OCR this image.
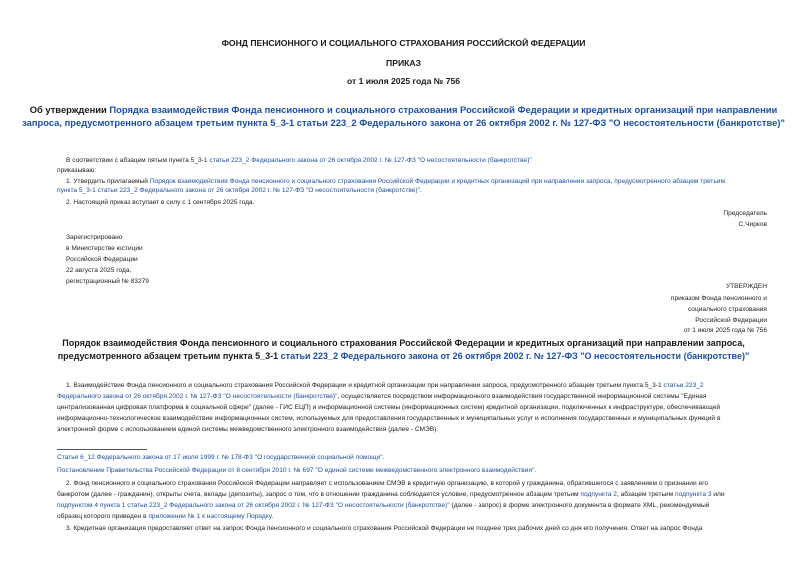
ФОНД ПЕНСИОННОГО И СОЦИАЛЬНОГО СТРАХОВАНИЯ РОССИЙСКОЙ ФЕДЕРАЦИИ
ПРИКАЗ
от 1 июля 2025 года № 756
Об утверждении Порядка взаимодействия Фонда пенсионного и социального страхования Российской Федерации и кредитных организаций при направлении
запроса, предусмотренного абзацем третьим пункта 5_3-1 статьи 223_2 Федерального закона от 26 октября 2002 г. № 127-ФЗ "О несостоятельности (банкротстве)"
В соответствии с абзацем пятым пункта 5_3-1 статьи 223_2 Федерального закона от 26 октября 2002 г. № 127-ФЗ "О несостоятельности (банкротстве)"
приказываю:
1. Утвердить прилагаемый Порядок взаимодействия Фонда пенсионного и социального страхования Российской Федерации и кредитных организаций при направлении запроса, предусмотренного абзацем третьим
пункта 5_3-1 статьи 223_2 Федерального закона от 26 октября 2002 г. № 127-ФЗ "О несостоятельности (банкротстве)".
2. Настоящий приказ вступает в силу с 1 сентября 2025 года.
Председатель
С.Чирков
Зарегистрировано
в Министерстве юстиции
Российской Федерации
22 августа 2025 года,
регистрационный № 83279
УТВЕРЖДЕН
приказом Фонда пенсионного и
социального страхования
Российской Федерации
от 1 июля 2025 года № 756
Порядок взаимодействия Фонда пенсионного и социального страхования Российской Федерации и кредитных организаций при направлении запроса,
предусмотренного абзацем третьим пункта 5_3-1 статьи 223_2 Федерального закона от 26 октября 2002 г. № 127-ФЗ "О несостоятельности (банкротстве)"
1. Взаимодействие Фонда пенсионного и социального страхования Российской Федерации и кредитной организации при направлении запроса, предусмотренного абзацем третьим пункта 5_3-1 статьи 223_2
Федерального закона от 26 октября 2002 г. № 127-ФЗ "О несостоятельности (банкротстве)", осуществляется посредством информационного взаимодействия государственной информационной системы "Единая
централизованная цифровая платформа в социальной сфере" (далее - ГИС ЕЦП) и информационной системы (информационных систем) кредитной организации, подключенных к инфраструктуре, обеспечивающей
информационно-технологическое взаимодействие информационных систем, используемых для предоставления государственных и муниципальных услуг и исполнения государственных и муниципальных функций в
электронной форме с использованием единой системы межведомственного электронного взаимодействия (далее - СМЭВ).
Статья 6_12 Федерального закона от 17 июля 1999 г. № 178-ФЗ "О государственной социальной помощи".
Постановление Правительства Российской Федерации от 8 сентября 2010 г. № 697 "О единой системе межведомственного электронного взаимодействия".
2. Фонд пенсионного и социального страхования Российской Федерации направляет с использованием СМЭВ в кредитную организацию, в которой у гражданина, обратившегося с заявлением о признании его
банкротом (далее - гражданин), открыты счета, вклады (депозиты), запрос о том, что в отношении гражданина соблюдается условие, предусмотренное абзацем третьим подпункта 2, абзацем третьим подпункта 3 или
подпунктом 4 пункта 1 статьи 223_2 Федерального закона от 26 октября 2002 г. № 127-ФЗ "О несостоятельности (банкротстве)" (далее - запрос) в форме электронного документа в формате XML, рекомендуемый
образец которого приведен в приложении № 1 к настоящему Порядку.
3. Кредитная организация предоставляет ответ на запрос Фонда пенсионного и социального страхования Российской Федерации не позднее трех рабочих дней со дня его получения. Ответ на запрос Фонда
